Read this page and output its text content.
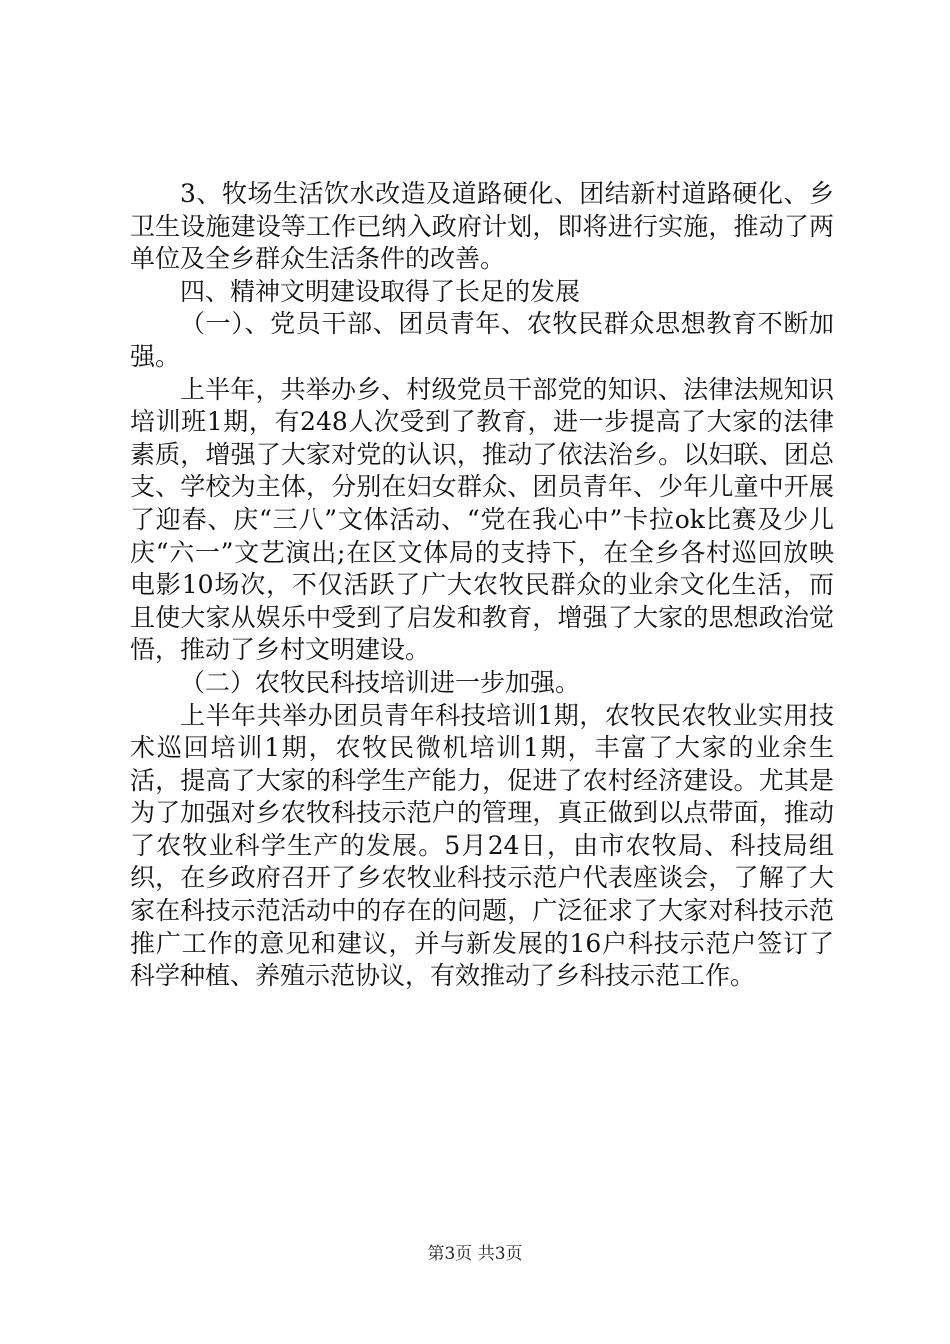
3、牧场生活饮水改造及道路硬化、团结新村道路硬化、乡卫生设施建设等工作已纳入政府计划，即将进行实施，推动了两单位及全乡群众生活条件的改善。

四、精神文明建设取得了长足的发展

（一）、党员干部、团员青年、农牧民群众思想教育不断加强。

上半年，共举办乡、村级党员干部党的知识、法律法规知识培训班1期，有248人次受到了教育，进一步提高了大家的法律素质，增强了大家对党的认识，推动了依法治乡。以妇联、团总支、学校为主体，分别在妇女群众、团员青年、少年儿童中开展了迎春、庆“三八”文体活动、“党在我心中”卡拉ok比赛及少儿庆“六一”文艺演出;在区文体局的支持下，在全乡各村巡回放映电影10场次，不仅活跃了广大农牧民群众的业余文化生活，而且使大家从娱乐中受到了启发和教育，增强了大家的思想政治觉悟，推动了乡村文明建设。

（二）农牧民科技培训进一步加强。

上半年共举办团员青年科技培训1期，农牧民农牧业实用技术巡回培训1期，农牧民微机培训1期，丰富了大家的业余生活，提高了大家的科学生产能力，促进了农村经济建设。尤其是为了加强对乡农牧科技示范户的管理，真正做到以点带面，推动了农牧业科学生产的发展。5月24日，由市农牧局、科技局组织，在乡政府召开了乡农牧业科技示范户代表座谈会，了解了大家在科技示范活动中的存在的问题，广泛征求了大家对科技示范推广工作的意见和建议，并与新发展的16户科技示范户签订了科学种植、养殖示范协议，有效推动了乡科技示范工作。

第3页 共3页
